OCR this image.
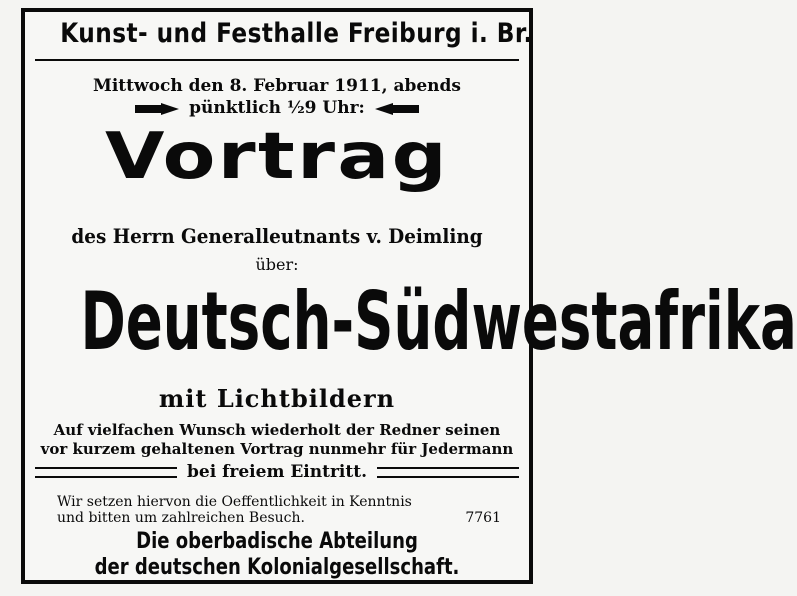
Kunst- und Festhalle Freiburg i. Br.
Mittwoch den 8. Februar 1911, abends
pünktlich ½9 Uhr:
Vortrag
des Herrn Generalleutnants v. Deimling
über:
Deutsch-Südwestafrika
mit Lichtbildern
Auf vielfachen Wunsch wiederholt der Redner seinen
vor kurzem gehaltenen Vortrag nunmehr für Jedermann
bei freiem Eintritt.
Wir setzen hiervon die Oeffentlichkeit in Kenntnis
und bitten um zahlreichen Besuch.	7761
Die oberbadische Abteilung
der deutschen Kolonialgesellschaft.
